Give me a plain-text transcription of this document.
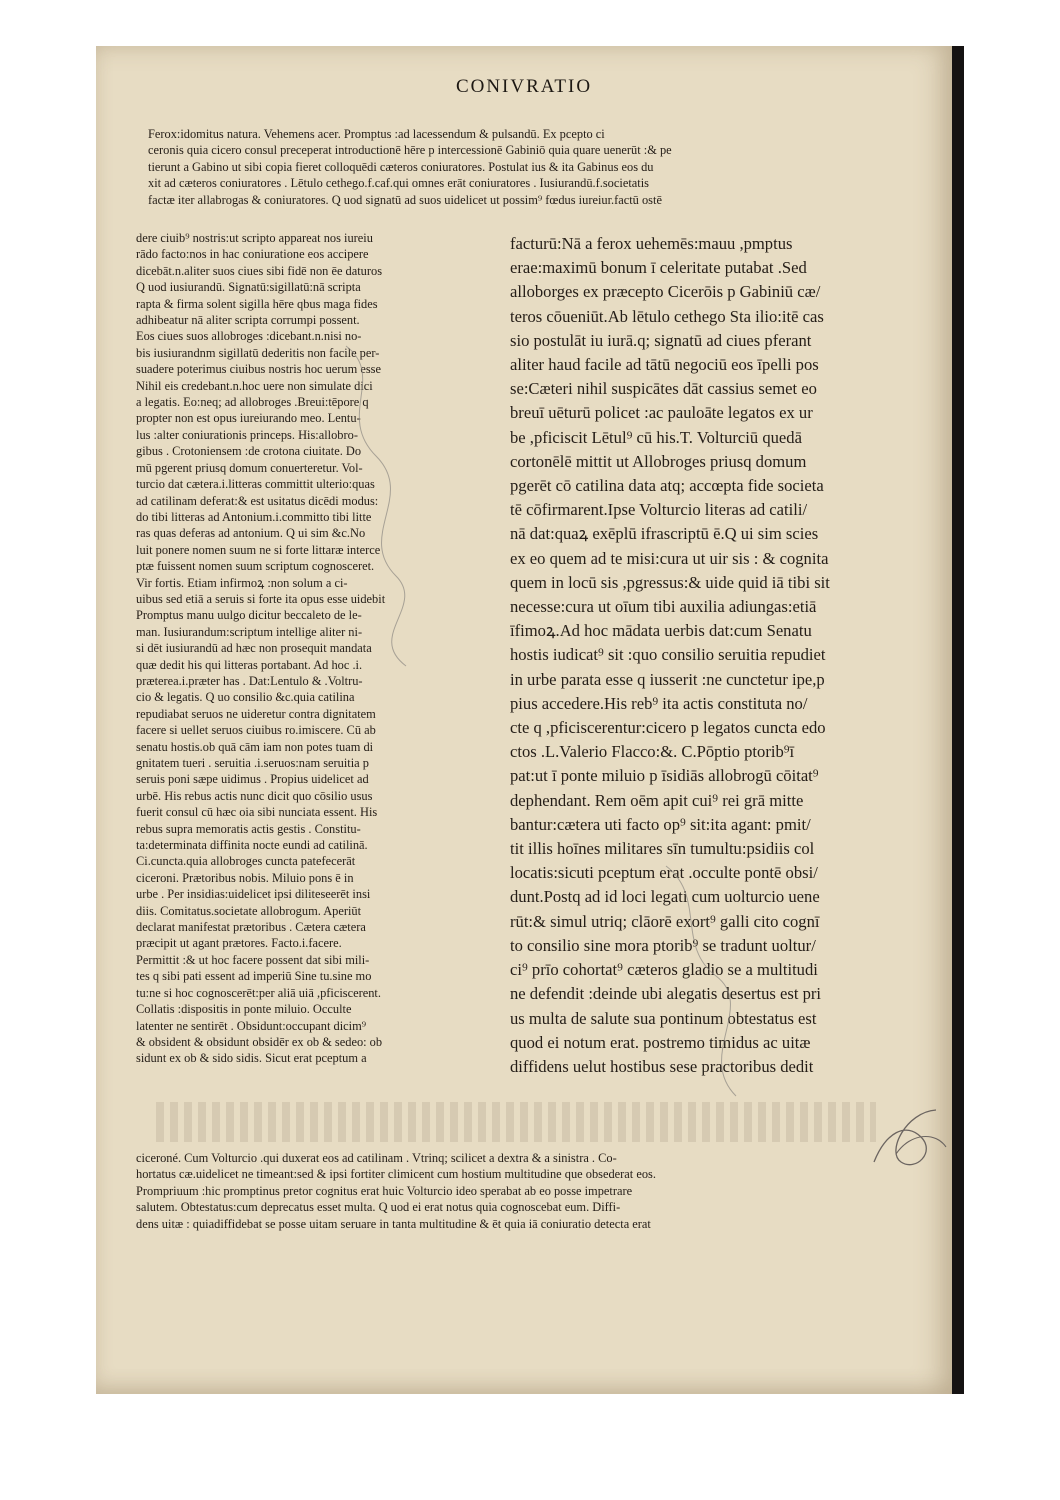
CONIVRATIO
Ferox:idomitus natura. Vehemens acer. Promptus :ad lacessendum & pulsandū. Ex pcepto ci
ceronis quia cicero consul preceperat introductionē hēre p intercessionē Gabiniō quia quare uenerūt :& pe
tierunt a Gabino ut sibi copia fieret colloquēdi cæteros coniuratores. Postulat ius & ita Gabinus eos du
xit ad cæteros coniuratores . Lētulo cethego.f.caf.qui omnes erāt coniuratores . Iusiurandū.f.societatis
factæ iter allabrogas & coniuratores. Q uod signatū ad suos uidelicet ut possim⁹ fœdus iureiur.factū ostē
dere ciuib⁹ nostris:ut scripto appareat nos iureiu
rādo facto:nos in hac coniuratione eos accipere
dicebāt.n.aliter suos ciues sibi fidē non ēe daturos
Q uod iusiurandū. Signatū:sigillatū:nā scripta
rapta & firma solent sigilla hēre qbus maga fides
adhibeatur nā aliter scripta corrumpi possent.
Eos ciues suos allobroges :dicebant.n.nisi no-
bis iusiurandnm sigillatū dederitis non facile per-
suadere poterimus ciuibus nostris hoc uerum esse
Nihil eis credebant.n.hoc uere non simulate dici
a legatis. Eo:neq; ad allobroges .Breui:tēpore q
propter non est opus iureiurando meo. Lentu-
lus :alter coniurationis princeps. His:allobro-
gibus . Crotoniensem :de crotona ciuitate. Do
mū pgerent priusq domum conuerteretur. Vol-
turcio dat cætera.i.litteras committit ulterio:quas
ad catilinam deferat:& est usitatus dicēdi modus:
do tibi litteras ad Antonium.i.committo tibi litte
ras quas deferas ad antonium. Q ui sim &c.No
luit ponere nomen suum ne si forte littaræ interce
ptæ fuissent nomen suum scriptum cognosceret.
Vir fortis. Etiam infirmoꝝ :non solum a ci-
uibus sed etiā a seruis si forte ita opus esse uidebit
Promptus manu uulgo dicitur beccaleto de le-
man. Iusiurandum:scriptum intellige aliter ni-
si dēt iusiurandū ad hæc non prosequit mandata
quæ dedit his qui litteras portabant. Ad hoc .i.
præterea.i.præter has . Dat:Lentulo & .Voltru-
cio & legatis. Q uo consilio &c.quia catilina
repudiabat seruos ne uideretur contra dignitatem
facere si uellet seruos ciuibus ro.imiscere. Cū ab
senatu hostis.ob quā cām iam non potes tuam di
gnitatem tueri . seruitia .i.seruos:nam seruitia p
seruis poni sæpe uidimus . Propius uidelicet ad
urbē. His rebus actis nunc dicit quo cōsilio usus
fuerit consul cū hæc oia sibi nunciata essent. His
rebus supra memoratis actis gestis . Constitu-
ta:determinata diffinita nocte eundi ad catilinā.
Ci.cuncta.quia allobroges cuncta patefecerāt
ciceroni. Prætoribus nobis. Miluio pons ē in
urbe . Per insidias:uidelicet ipsi diliteseerēt insi
diis. Comitatus.societate allobrogum. Aperiūt
declarat manifestat prætoribus . Cætera cætera
præcipit ut agant prætores. Facto.i.facere.
Permittit :& ut hoc facere possent dat sibi mili-
tes q sibi pati essent ad imperiū Sine tu.sine mo
tu:ne si hoc cognoscerēt:per aliā uiā ,pficiscerent.
Collatis :dispositis in ponte miluio. Occulte
latenter ne sentirēt . Obsidunt:occupant dicim⁹
& obsident & obsidunt obsidēr ex ob & sedeo: ob
sidunt ex ob & sido sidis. Sicut erat pceptum a
facturū:Nā a ferox uehemēs:mauu ,pmptus
erae:maximū bonum ī celeritate putabat .Sed
alloborges ex præcepto Cicerōis p Gabiniū cæ/
teros cōueniūt.Ab lētulo cethego Sta ilio:itē cas
sio postulāt iu iurā.q; signatū ad ciues pferant
aliter haud facile ad tātū negociū eos īpelli pos
se:Cæteri nihil suspicātes dāt cassius semet eo
breuī uēturū policet :ac pauloāte legatos ex ur
be ,pficiscit Lētul⁹ cū his.T. Volturciū quedā
cortonēlē mittit ut Allobroges priusq domum
pgerēt cō catilina data atq; accœpta fide societa
tē cōfirmarent.Ipse Volturcio literas ad catili/
nā dat:quaꝝ exēplū ifrascriptū ē.Q ui sim scies
ex eo quem ad te misi:cura ut uir sis : & cognita
quem in locū sis ,pgressus:& uide quid iā tibi sit
necesse:cura ut oīum tibi auxilia adiungas:etiā
īfimoꝝ.Ad hoc mādata uerbis dat:cum Senatu
hostis iudicat⁹ sit :quo consilio seruitia repudiet
in urbe parata esse q iusserit :ne cunctetur ipe,p
pius accedere.His reb⁹ ita actis constituta no/
cte q ,pficiscerentur:cicero p legatos cuncta edo
ctos .L.Valerio Flacco:&. C.Pōptio ptorib⁹ī
pat:ut ī ponte miluio p īsidiās allobrogū cōitat⁹
dephendant. Rem oēm apit cui⁹ rei grā mitte
bantur:cætera uti facto op⁹ sit:ita agant: pmit/
tit illis hoīnes militares sīn tumultu:psidiis col
locatis:sicuti pceptum erat .occulte pontē obsi/
dunt.Postq ad id loci legati cum uolturcio uene
rūt:& simul utriq; clāorē exort⁹ galli cito cognī
to consilio sine mora ptorib⁹ se tradunt uoltur/
ci⁹ prīo cohortat⁹ cæteros gladio se a multitudi
ne defendit :deinde ubi alegatis desertus est pri
us multa de salute sua pontinum obtestatus est
quod ei notum erat. postremo timidus ac uitæ
diffidens uelut hostibus sese practoribus dedit
ciceroné. Cum Volturcio .qui duxerat eos ad catilinam . Vtrinq; scilicet a dextra & a sinistra . Co-
hortatus cæ.uidelicet ne timeant:sed & ipsi fortiter climicent cum hostium multitudine que obsederat eos.
Prompriuum :hic promptinus pretor cognitus erat huic Volturcio ideo sperabat ab eo posse impetrare
salutem. Obtestatus:cum deprecatus esset multa. Q uod ei erat notus quia cognoscebat eum. Diffi-
dens uitæ : quiadiffidebat se posse uitam seruare in tanta multitudine & ēt quia iā coniuratio detecta erat
